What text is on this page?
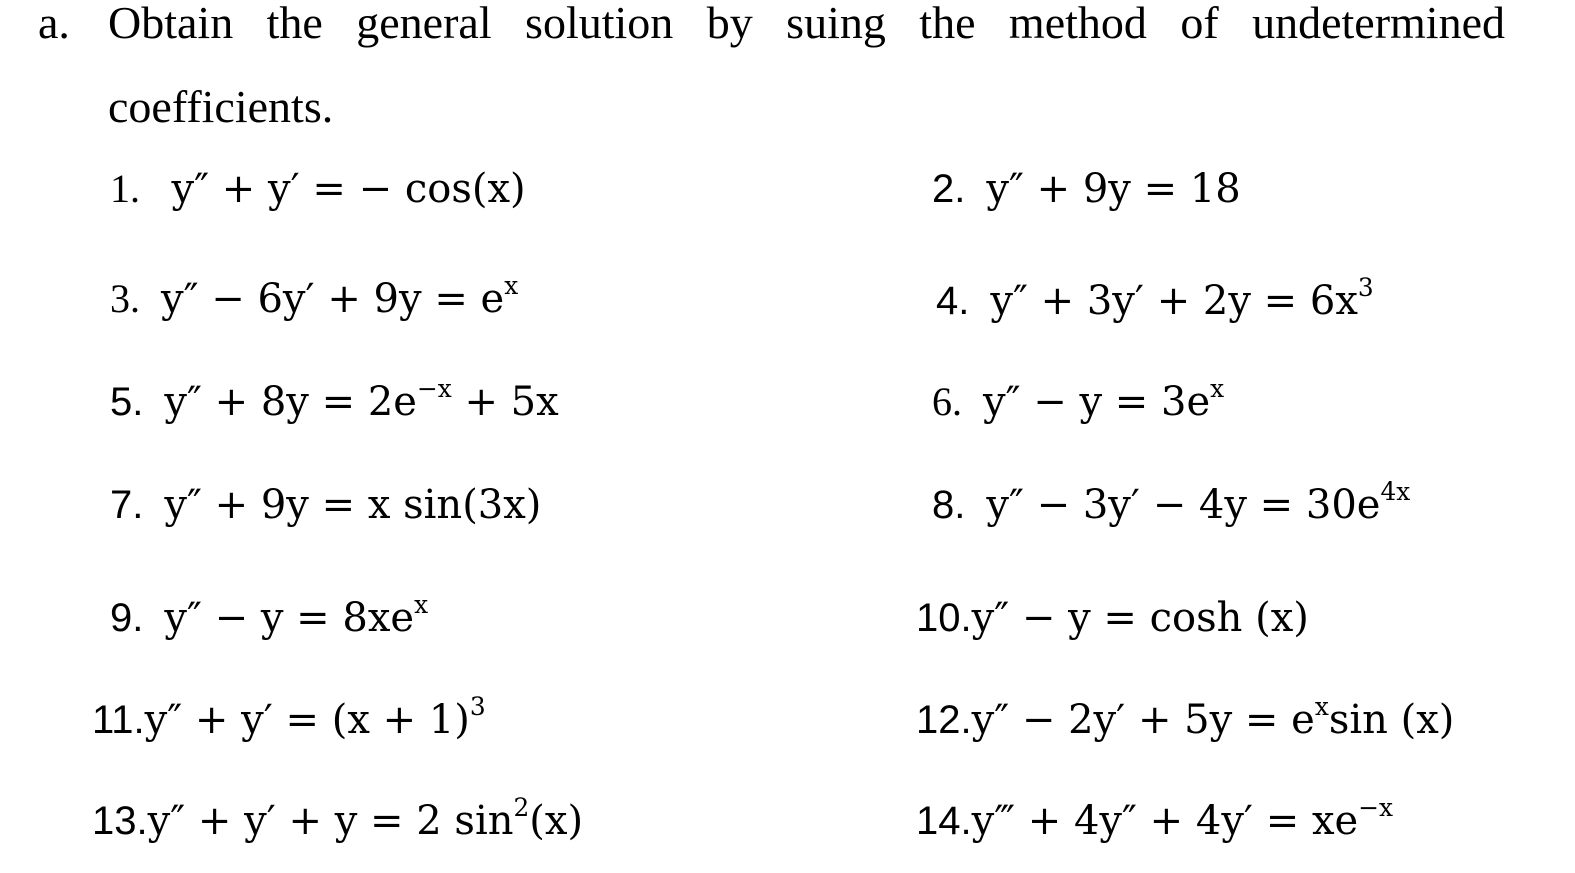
a. Obtain the general solution by suing the method of undetermined
coefficients.
1. y″ + y′ = − cos(x)
3. $y'' - 6y' + 9y = e^x$
5. $y'' + 8y = 2e^{-x} + 5x$
7. y″ + 9y = x sin(3x)
9. $y'' - y = 8xe^x$
$11.y'' + y' = (x + 1)^3$
13.y″ + y′ + y = 2 $\sin^2(x)$
2. y″ + 9y = 18
4. $y'' + 3y' + 2y = 6x^3$
6. $y'' - y = 3e^x$
8. $y'' - 3y' - 4y = 30e^{4x}$
10.y″ − y = cosh (x)
$12.y'' - 2y' + 5y = e^x\sin$ (x)
14.y‴ + $4y'' + 4y' = xe^{-x}$
